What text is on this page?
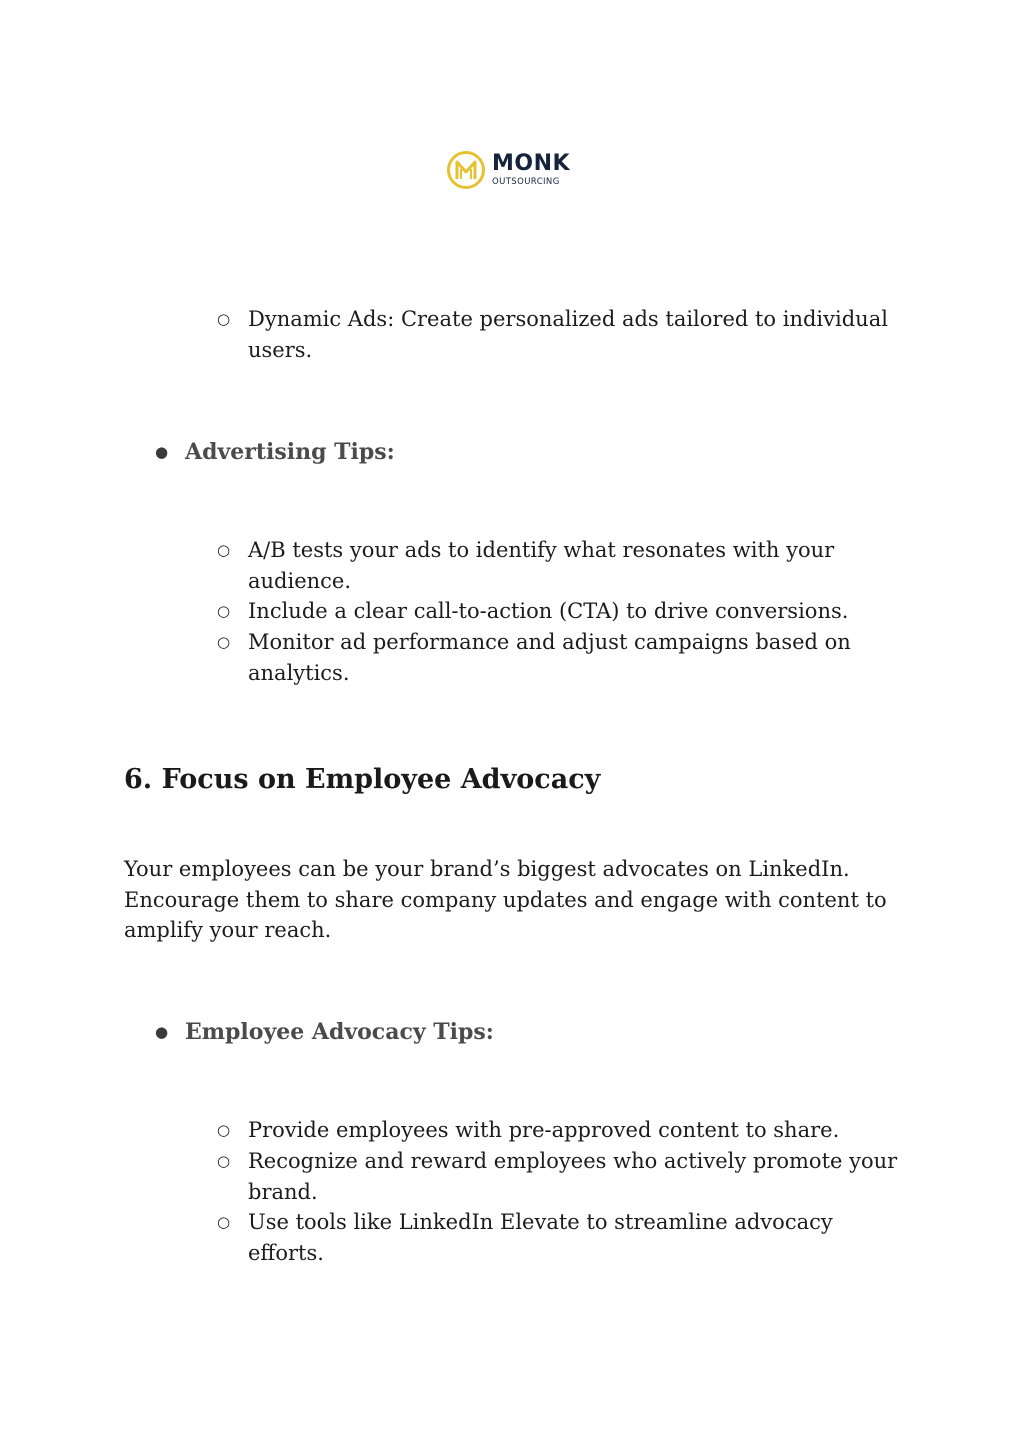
MONK
OUTSOURCING
○ Dynamic Ads: Create personalized ads tailored to individual users.

● Advertising Tips:

○ A/B tests your ads to identify what resonates with your audience.

○ Include a clear call-to-action (CTA) to drive conversions.

○ Monitor ad performance and adjust campaigns based on analytics.

6. Focus on Employee Advocacy

Your employees can be your brand’s biggest advocates on LinkedIn. Encourage them to share company updates and engage with content to amplify your reach.

● Employee Advocacy Tips:

○ Provide employees with pre-approved content to share.

○ Recognize and reward employees who actively promote your brand.

○ Use tools like LinkedIn Elevate to streamline advocacy efforts.
